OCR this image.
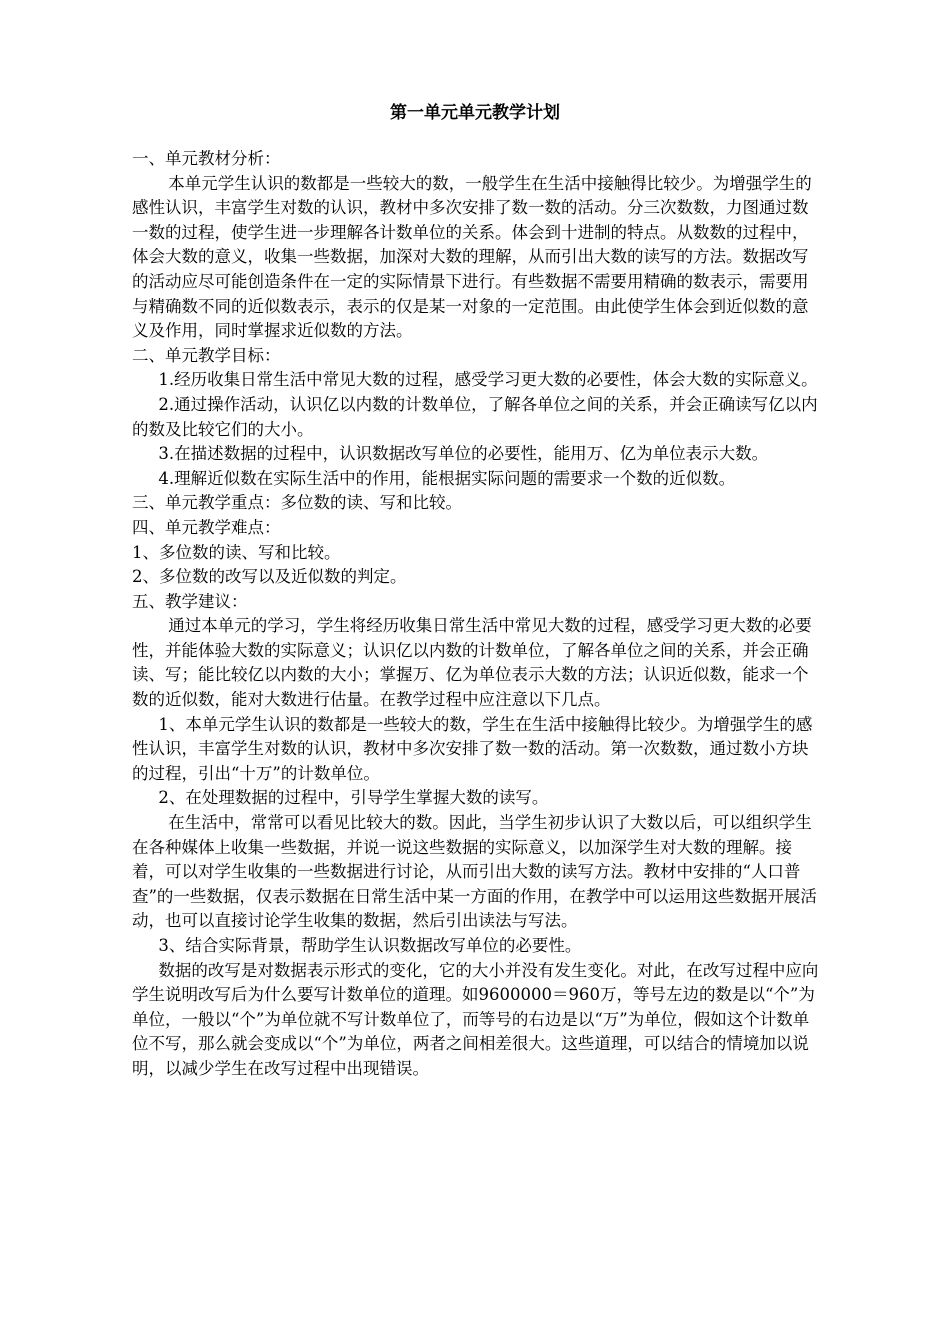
第一单元单元教学计划

一、单元教材分析：

本单元学生认识的数都是一些较大的数，一般学生在生活中接触得比较少。为增强学生的感性认识，丰富学生对数的认识，教材中多次安排了数一数的活动。分三次数数，力图通过数一数的过程，使学生进一步理解各计数单位的关系。体会到十进制的特点。从数数的过程中，体会大数的意义，收集一些数据，加深对大数的理解，从而引出大数的读写的方法。数据改写的活动应尽可能创造条件在一定的实际情景下进行。有些数据不需要用精确的数表示，需要用与精确数不同的近似数表示，表示的仅是某一对象的一定范围。由此使学生体会到近似数的意义及作用，同时掌握求近似数的方法。

二、单元教学目标：

1.经历收集日常生活中常见大数的过程，感受学习更大数的必要性，体会大数的实际意义。

2.通过操作活动，认识亿以内数的计数单位，了解各单位之间的关系，并会正确读写亿以内的数及比较它们的大小。

3.在描述数据的过程中，认识数据改写单位的必要性，能用万、亿为单位表示大数。

4.理解近似数在实际生活中的作用，能根据实际问题的需要求一个数的近似数。

三、单元教学重点：多位数的读、写和比较。

四、单元教学难点：

1、多位数的读、写和比较。

2、多位数的改写以及近似数的判定。

五、教学建议：

通过本单元的学习，学生将经历收集日常生活中常见大数的过程，感受学习更大数的必要性，并能体验大数的实际意义；认识亿以内数的计数单位，了解各单位之间的关系，并会正确读、写；能比较亿以内数的大小；掌握万、亿为单位表示大数的方法；认识近似数，能求一个数的近似数，能对大数进行估量。在教学过程中应注意以下几点。

1、本单元学生认识的数都是一些较大的数，学生在生活中接触得比较少。为增强学生的感性认识，丰富学生对数的认识，教材中多次安排了数一数的活动。第一次数数，通过数小方块的过程，引出“十万”的计数单位。

2、在处理数据的过程中，引导学生掌握大数的读写。

在生活中，常常可以看见比较大的数。因此，当学生初步认识了大数以后，可以组织学生在各种媒体上收集一些数据，并说一说这些数据的实际意义，以加深学生对大数的理解。接着，可以对学生收集的一些数据进行讨论，从而引出大数的读写方法。教材中安排的“人口普查”的一些数据，仅表示数据在日常生活中某一方面的作用，在教学中可以运用这些数据开展活动，也可以直接讨论学生收集的数据，然后引出读法与写法。

3、结合实际背景，帮助学生认识数据改写单位的必要性。

数据的改写是对数据表示形式的变化，它的大小并没有发生变化。对此，在改写过程中应向学生说明改写后为什么要写计数单位的道理。如9600000＝960万，等号左边的数是以“个”为单位，一般以“个”为单位就不写计数单位了，而等号的右边是以“万”为单位，假如这个计数单位不写，那么就会变成以“个”为单位，两者之间相差很大。这些道理，可以结合的情境加以说明，以减少学生在改写过程中出现错误。
